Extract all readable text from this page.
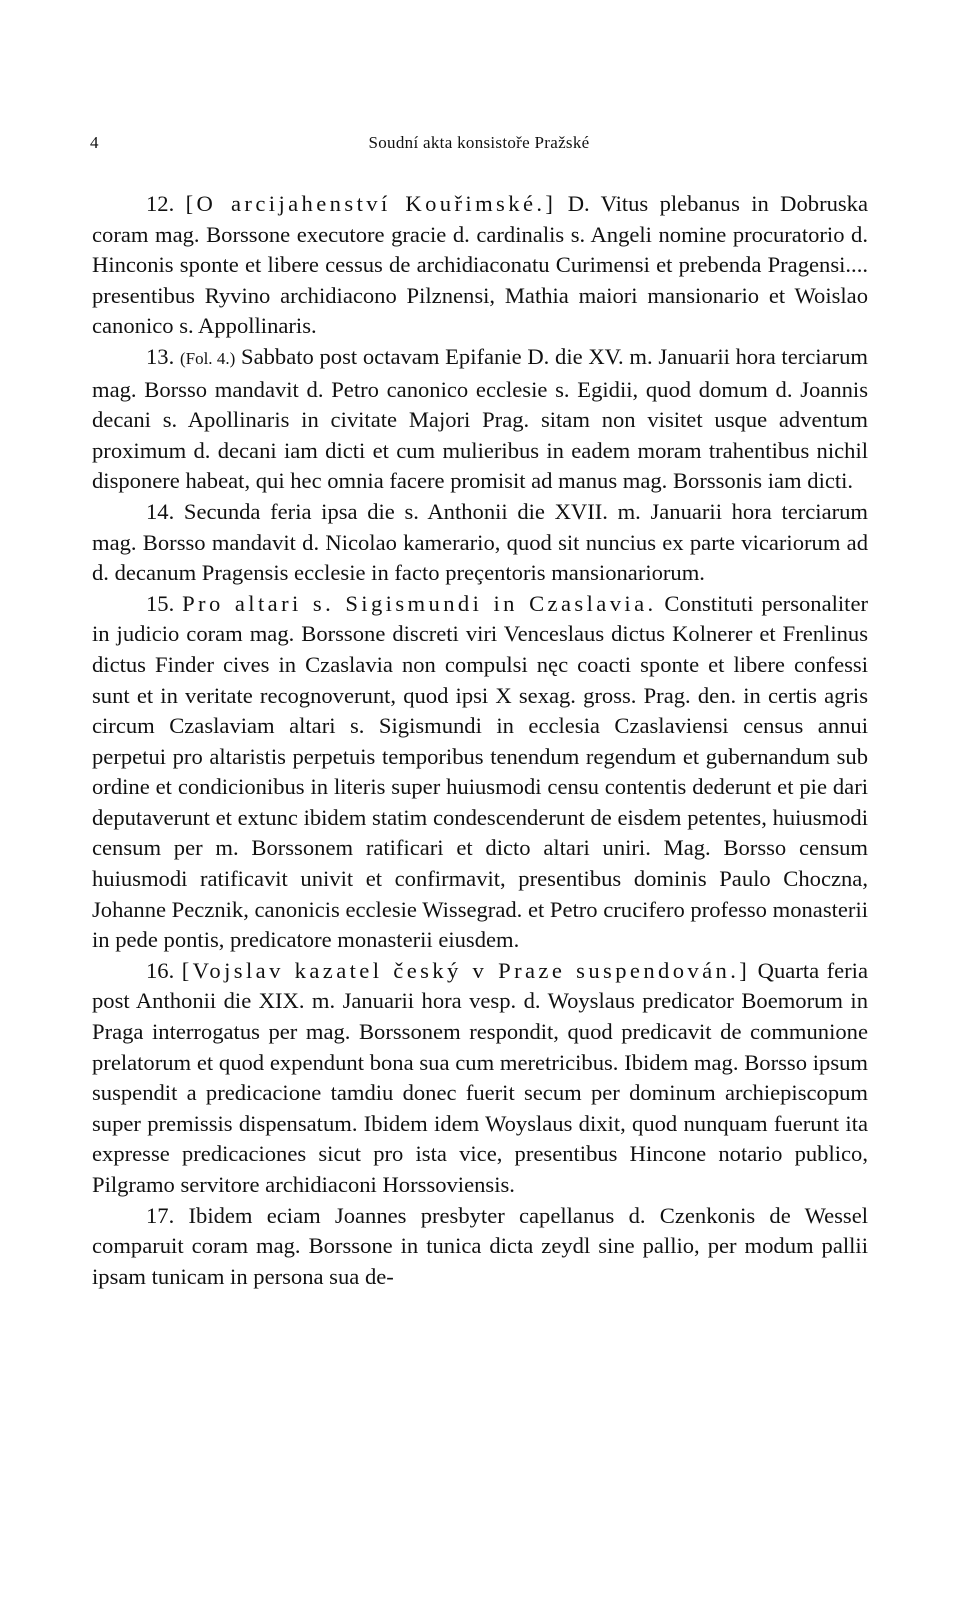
4	Soudní akta konsistoře Pražské

12. [O arcijahenství Kouřimské.] D. Vitus plebanus in Dobruska coram mag. Borssone executore gracie d. cardinalis s. Angeli nomine procuratorio d. Hinconis sponte et libere cessus de archidiaconatu Curimensi et prebenda Pragensi.... presentibus Ryvino archidiacono Pilznensi, Mathia maiori mansionario et Woislao canonico s. Appollinaris.

13. (Fol. 4.) Sabbato post octavam Epifanie D. die XV. m. Januarii hora terciarum mag. Borsso mandavit d. Petro canonico ecclesie s. Egidii, quod domum d. Joannis decani s. Apollinaris in civitate Majori Prag. sitam non visitet usque adventum proximum d. decani iam dicti et cum mulieribus in eadem moram trahentibus nichil disponere habeat, qui hec omnia facere promisit ad manus mag. Borssonis iam dicti.

14. Secunda feria ipsa die s. Anthonii die XVII. m. Januarii hora terciarum mag. Borsso mandavit d. Nicolao kamerario, quod sit nuncius ex parte vicariorum ad d. decanum Pragensis ecclesie in facto preçentoris mansionariorum.

15. Pro altari s. Sigismundi in Czaslavia. Constituti personaliter in judicio coram mag. Borssone discreti viri Venceslaus dictus Kolnerer et Frenlinus dictus Finder cives in Czaslavia non compulsi nęc coacti sponte et libere confessi sunt et in veritate recognoverunt, quod ipsi X sexag. gross. Prag. den. in certis agris circum Czaslaviam altari s. Sigismundi in ecclesia Czaslaviensi census annui perpetui pro altaristis perpetuis temporibus tenendum regendum et gubernandum sub ordine et condicionibus in literis super huiusmodi censu contentis dederunt et pie dari deputaverunt et extunc ibidem statim condescenderunt de eisdem petentes, huiusmodi censum per m. Borssonem ratificari et dicto altari uniri. Mag. Borsso censum huiusmodi ratificavit univit et confirmavit, presentibus dominis Paulo Choczna, Johanne Pecznik, canonicis ecclesie Wissegrad. et Petro crucifero professo monasterii in pede pontis, predicatore monasterii eiusdem.

16. [Vojslav kazatel český v Praze suspendován.] Quarta feria post Anthonii die XIX. m. Januarii hora vesp. d. Woyslaus predicator Boemorum in Praga interrogatus per mag. Borssonem respondit, quod predicavit de communione prelatorum et quod expendunt bona sua cum meretricibus. Ibidem mag. Borsso ipsum suspendit a predicacione tamdiu donec fuerit secum per dominum archiepiscopum super premissis dispensatum. Ibidem idem Woyslaus dixit, quod nunquam fuerunt ita expresse predicaciones sicut pro ista vice, presentibus Hincone notario publico, Pilgramo servitore archidiaconi Horssoviensis.

17. Ibidem eciam Joannes presbyter capellanus d. Czenkonis de Wessel comparuit coram mag. Borssone in tunica dicta zeydl sine pallio, per modum pallii ipsam tunicam in persona sua de-
